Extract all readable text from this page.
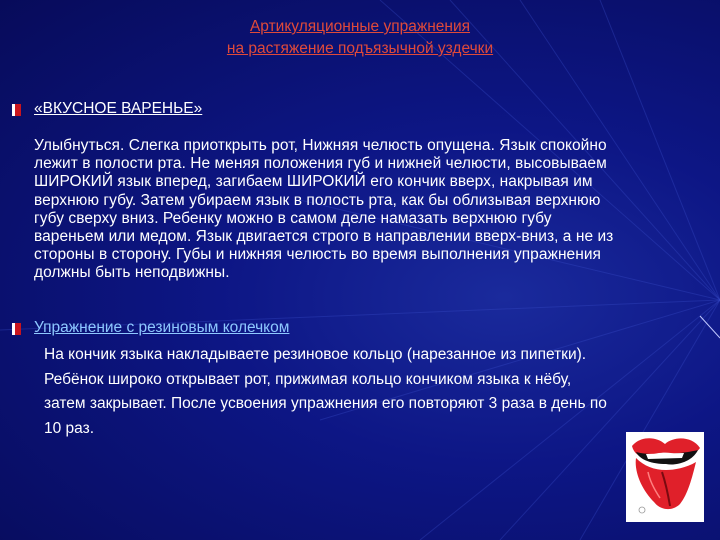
Артикуляционные упражнения
на растяжение подъязычной уздечки
«ВКУСНОЕ ВАРЕНЬЕ»
Улыбнуться. Слегка приоткрыть рот, Нижняя челюсть опущена. Язык спокойно
лежит в полости рта. Не меняя положения губ и нижней челюсти, высовываем
ШИРОКИЙ язык вперед, загибаем ШИРОКИЙ его кончик вверх, накрывая им
верхнюю губу. Затем убираем язык в полость рта, как бы облизывая верхнюю
губу сверху вниз. Ребенку можно в самом деле намазать верхнюю губу
вареньем или медом. Язык двигается строго в направлении вверх-вниз, а не из
стороны в сторону. Губы и нижняя челюсть во время выполнения упражнения
должны быть неподвижны.
Упражнение с резиновым колечком
На кончик языка накладываете резиновое кольцо (нарезанное из пипетки).
Ребёнок широко открывает рот, прижимая кольцо кончиком языка к нёбу,
затем закрывает. После усвоения упражнения его повторяют 3 раза в день по
10 раз.
